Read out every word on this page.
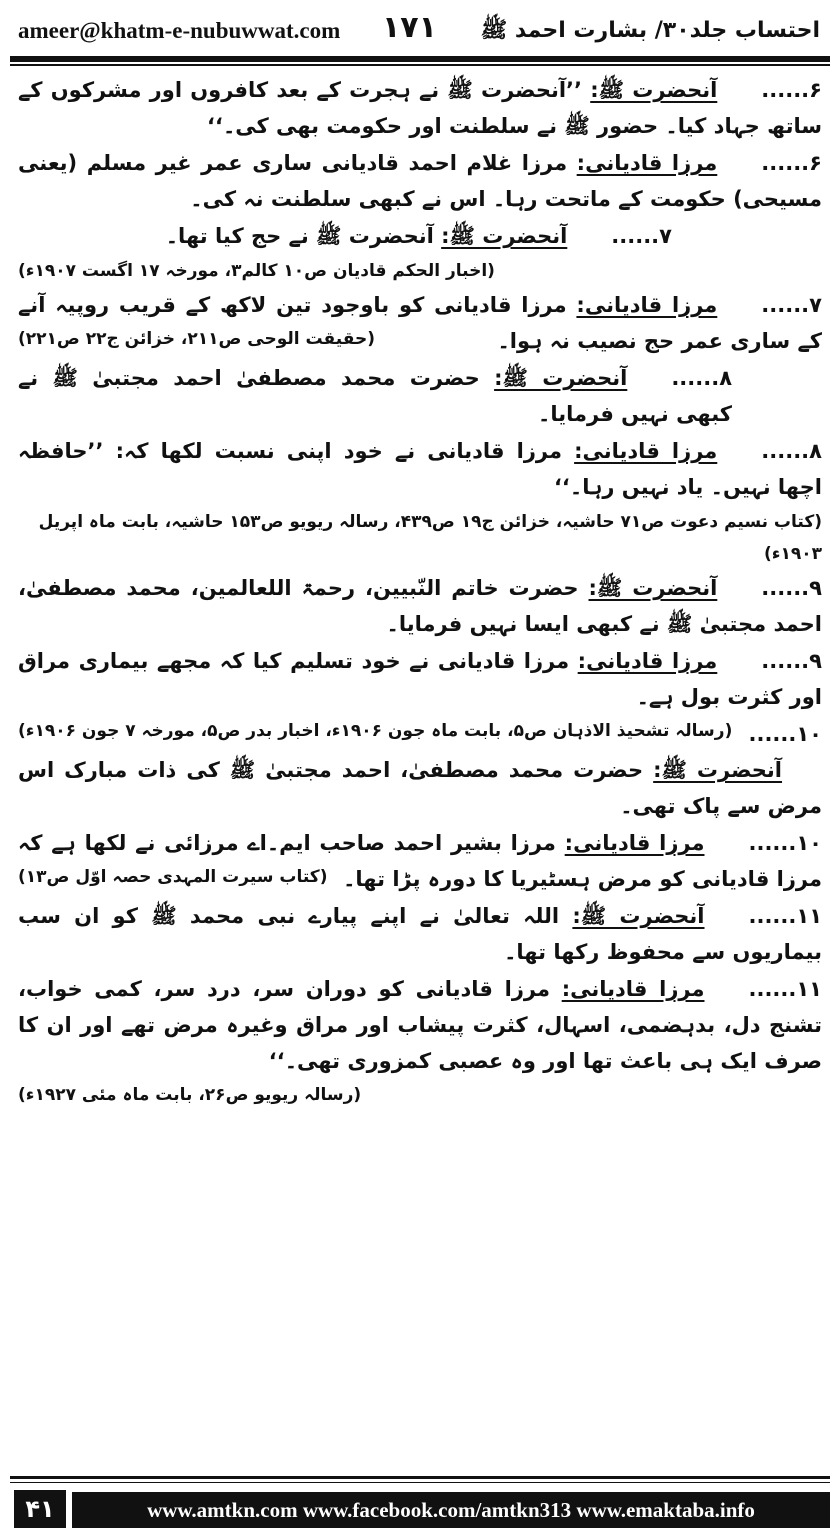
ameer@khatm-e-nubuwwat.com ۱۷۱ احتساب جلد۳۰/ بشارت احمد ﷺ

۶......آنحضرت ﷺ: ’’آنحضرت ﷺ نے ہجرت کے بعد کافروں اور مشرکوں کے ساتھ جہاد کیا۔ حضور ﷺ نے سلطنت اور حکومت بھی کی۔‘‘

۶......مرزا قادیانی: مرزا غلام احمد قادیانی ساری عمر غیر مسلم (یعنی مسیحی) حکومت کے ماتحت رہا۔ اس نے کبھی سلطنت نہ کی۔

۷......آنحضرت ﷺ: آنحضرت ﷺ نے حج کیا تھا۔

(اخبار الحکم قادیان ص۱۰ کالم۳، مورخہ ۱۷ اگست ۱۹۰۷ء)

۷......مرزا قادیانی: مرزا قادیانی کو باوجود تین لاکھ کے قریب روپیہ آنے کے ساری عمر حج نصیب نہ ہوا۔
(حقیقت الوحی ص۲۱۱، خزائن ج۲۲ ص۲۲۱)

۸......آنحضرت ﷺ: حضرت محمد مصطفیٰ احمد مجتبیٰ ﷺ نے کبھی نہیں فرمایا۔

۸......مرزا قادیانی: مرزا قادیانی نے خود اپنی نسبت لکھا کہ: ’’حافظہ اچھا نہیں۔ یاد نہیں رہا۔‘‘

(کتاب نسیم دعوت ص۷۱ حاشیہ، خزائن ج۱۹ ص۴۳۹، رسالہ ریویو ص۱۵۳ حاشیہ، بابت ماہ اپریل ۱۹۰۳ء)

۹......آنحضرت ﷺ: حضرت خاتم النّبیین، رحمۃ اللعالمین، محمد مصطفیٰ، احمد مجتبیٰ ﷺ نے کبھی ایسا نہیں فرمایا۔

۹......مرزا قادیانی: مرزا قادیانی نے خود تسلیم کیا کہ مجھے بیماری مراق اور کثرت بول ہے۔
(رسالہ تشحیذ الاذہان ص۵، بابت ماہ جون ۱۹۰۶ء، اخبار بدر ص۵، مورخہ ۷ جون ۱۹۰۶ء) ۱۰......آنحضرت ﷺ: حضرت محمد مصطفیٰ، احمد مجتبیٰ ﷺ کی ذات مبارک اس مرض سے پاک تھی۔

۱۰......مرزا قادیانی: مرزا بشیر احمد صاحب ایم۔اے مرزائی نے لکھا ہے کہ مرزا قادیانی کو مرض ہسٹیریا کا دورہ پڑا تھا۔
(کتاب سیرت المہدی حصہ اوّل ص۱۳)

۱۱......آنحضرت ﷺ: اللہ تعالیٰ نے اپنے پیارے نبی محمد ﷺ کو ان سب بیماریوں سے محفوظ رکھا تھا۔

۱۱......مرزا قادیانی: مرزا قادیانی کو دوران سر، درد سر، کمی خواب، تشنج دل، بدہضمی، اسہال، کثرت پیشاب اور مراق وغیرہ مرض تھے اور ان کا صرف ایک ہی باعث تھا اور وہ عصبی کمزوری تھی۔‘‘
(رسالہ ریویو ص۲۶، بابت ماہ مئی ۱۹۲۷ء)

۴۱	www.amtkn.com www.facebook.com/amtkn313 www.emaktaba.info
